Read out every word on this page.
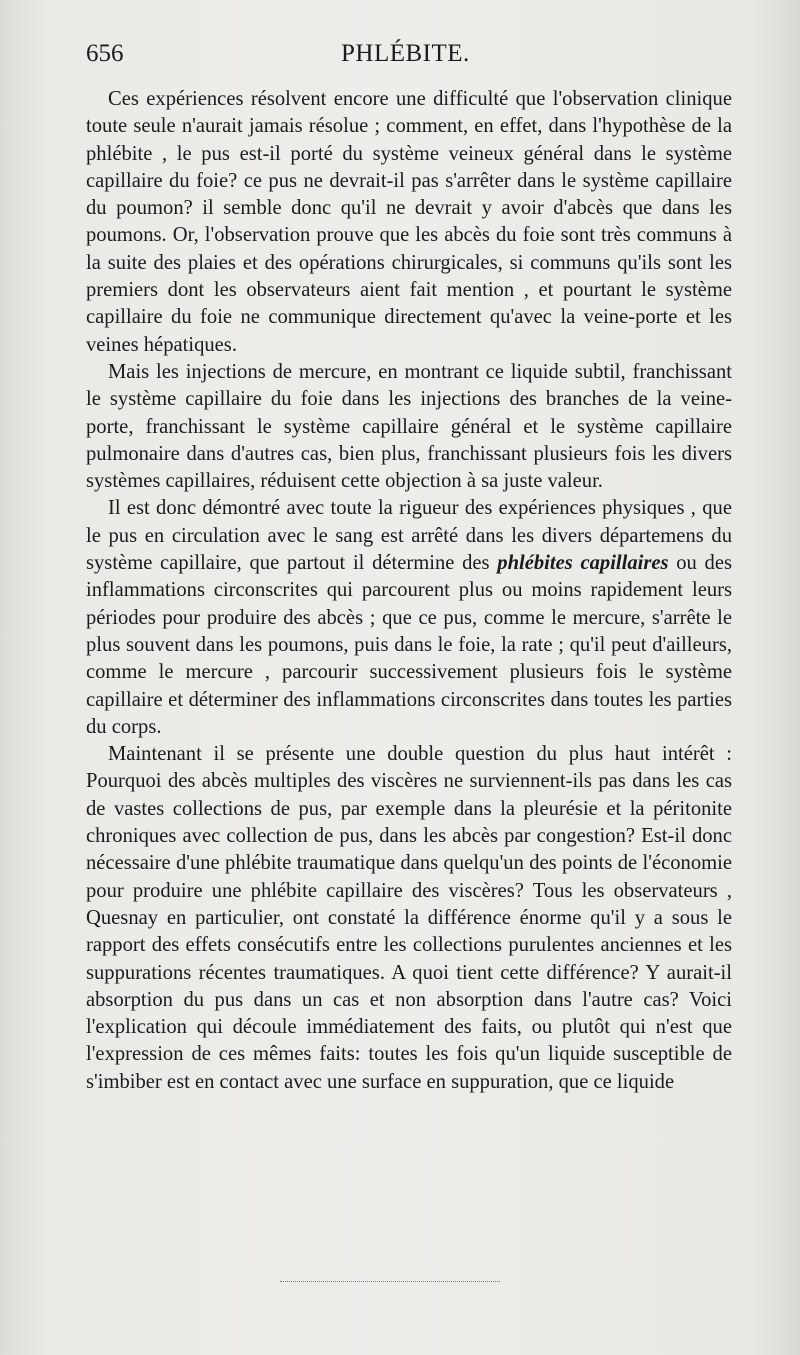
656	PHLÉBITE.

Ces expériences résolvent encore une difficulté que l'observation clinique toute seule n'aurait jamais résolue ; comment, en effet, dans l'hypothèse de la phlébite , le pus est-il porté du système veineux général dans le système capillaire du foie? ce pus ne devrait-il pas s'arrêter dans le système capillaire du poumon? il semble donc qu'il ne devrait y avoir d'abcès que dans les poumons. Or, l'observation prouve que les abcès du foie sont très communs à la suite des plaies et des opérations chirurgicales, si communs qu'ils sont les premiers dont les observateurs aient fait mention , et pourtant le système capillaire du foie ne communique directement qu'avec la veine-porte et les veines hépatiques.

Mais les injections de mercure, en montrant ce liquide subtil, franchissant le système capillaire du foie dans les injections des branches de la veine-porte, franchissant le système capillaire général et le système capillaire pulmonaire dans d'autres cas, bien plus, franchissant plusieurs fois les divers systèmes capillaires, réduisent cette objection à sa juste valeur.

Il est donc démontré avec toute la rigueur des expériences physiques , que le pus en circulation avec le sang est arrêté dans les divers départemens du système capillaire, que partout il détermine des phlébites capillaires ou des inflammations circonscrites qui parcourent plus ou moins rapidement leurs périodes pour produire des abcès ; que ce pus, comme le mercure, s'arrête le plus souvent dans les poumons, puis dans le foie, la rate ; qu'il peut d'ailleurs, comme le mercure , parcourir successivement plusieurs fois le système capillaire et déterminer des inflammations circonscrites dans toutes les parties du corps.

Maintenant il se présente une double question du plus haut intérêt : Pourquoi des abcès multiples des viscères ne surviennent-ils pas dans les cas de vastes collections de pus, par exemple dans la pleurésie et la péritonite chroniques avec collection de pus, dans les abcès par congestion? Est-il donc nécessaire d'une phlébite traumatique dans quelqu'un des points de l'économie pour produire une phlébite capillaire des viscères? Tous les observateurs , Quesnay en particulier, ont constaté la différence énorme qu'il y a sous le rapport des effets consécutifs entre les collections purulentes anciennes et les suppurations récentes traumatiques. A quoi tient cette différence? Y aurait-il absorption du pus dans un cas et non absorption dans l'autre cas? Voici l'explication qui découle immédiatement des faits, ou plutôt qui n'est que l'expression de ces mêmes faits: toutes les fois qu'un liquide susceptible de s'imbiber est en contact avec une surface en suppuration, que ce liquide
